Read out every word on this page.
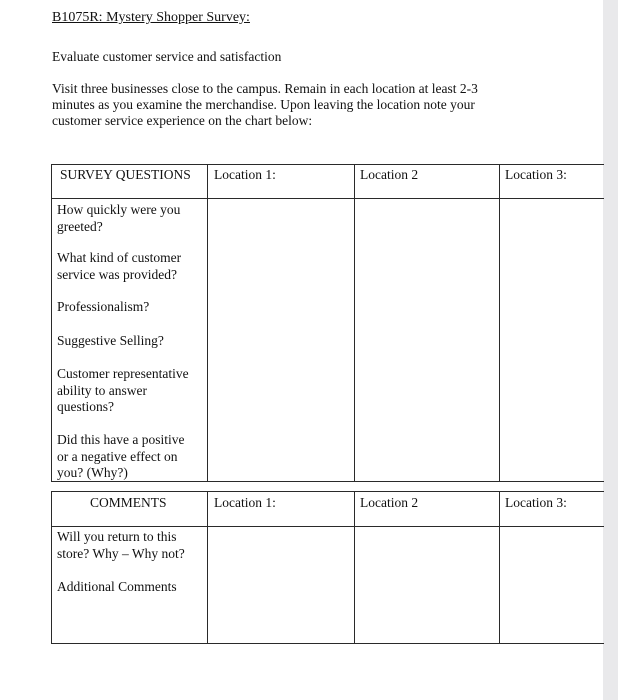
B1075R: Mystery Shopper Survey:
Evaluate customer service and satisfaction
Visit three businesses close to the campus. Remain in each location at least 2-3
minutes as you examine the merchandise. Upon leaving the location note your
customer service experience on the chart below:
SURVEY QUESTIONS Location 1:	Location 2	Location 3:
How quickly were you
greeted?
What kind of customer
service was provided?
Professionalism?
Suggestive Selling?
Customer representative
ability to answer
questions?
Did this have a positive
or a negative effect on
you? (Why?)
COMMENTS	Location 1:	Location 2	Location 3:
Will you return to this
store? Why – Why not?
Additional Comments
